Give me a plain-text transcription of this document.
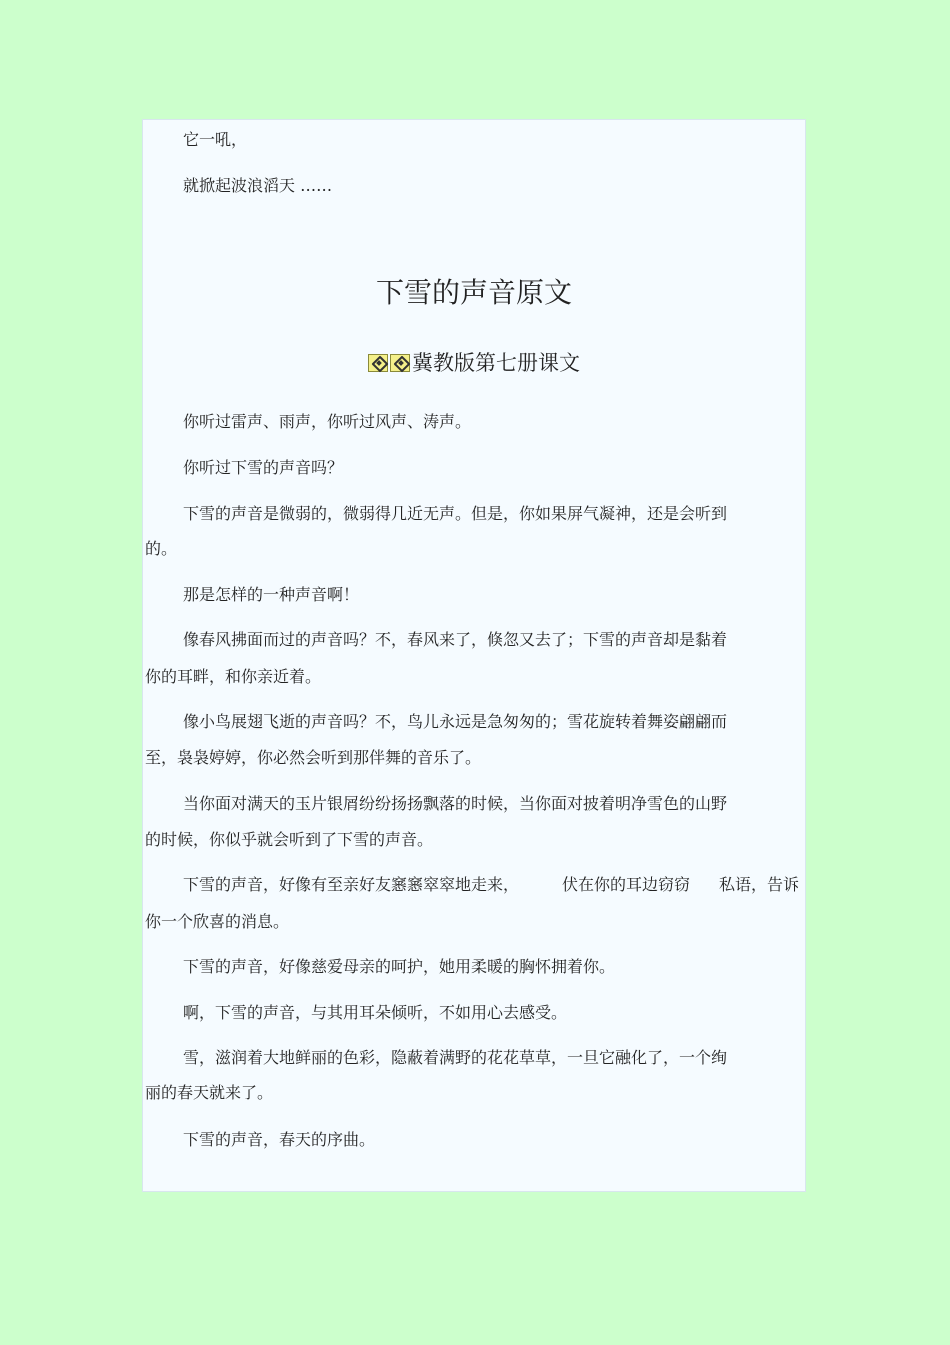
它一吼，
就掀起波浪滔天 ……
下雪的声音原文
冀教版第七册课文
你听过雷声、雨声，你听过风声、涛声。
你听过下雪的声音吗？
下雪的声音是微弱的，微弱得几近无声。但是，你如果屏气凝神，还是会听到
的。
那是怎样的一种声音啊！
像春风拂面而过的声音吗？不，春风来了，倏忽又去了；下雪的声音却是黏着
你的耳畔，和你亲近着。
像小鸟展翅飞逝的声音吗？不，鸟儿永远是急匆匆的；雪花旋转着舞姿翩翩而
至，袅袅婷婷，你必然会听到那伴舞的音乐了。
当你面对满天的玉片银屑纷纷扬扬飘落的时候，当你面对披着明净雪色的山野
的时候，你似乎就会听到了下雪的声音。
下雪的声音，好像有至亲好友窸窸窣窣地走来，	伏在你的耳边窃窃 私语，告诉
你一个欣喜的消息。
下雪的声音，好像慈爱母亲的呵护，她用柔暖的胸怀拥着你。
啊，下雪的声音，与其用耳朵倾听，不如用心去感受。
雪，滋润着大地鲜丽的色彩，隐蔽着满野的花花草草，一旦它融化了，一个绚
丽的春天就来了。
下雪的声音，春天的序曲。
